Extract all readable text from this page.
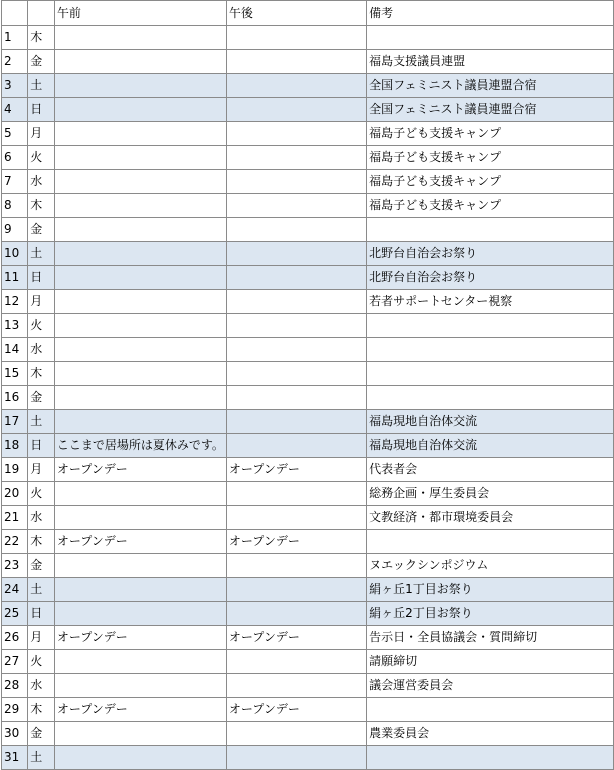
		午前	午後	備考
1	木			
2	金			福島支援議員連盟
3	土			全国フェミニスト議員連盟合宿
4	日			全国フェミニスト議員連盟合宿
5	月			福島子ども支援キャンプ
6	火			福島子ども支援キャンプ
7	水			福島子ども支援キャンプ
8	木			福島子ども支援キャンプ
9	金			
10	土			北野台自治会お祭り
11	日			北野台自治会お祭り
12	月			若者サポートセンター視察
13	火			
14	水			
15	木			
16	金			
17	土			福島現地自治体交流
18	日	ここまで居場所は夏休みです。		福島現地自治体交流
19	月	オープンデー	オープンデー	代表者会
20	火			総務企画・厚生委員会
21	水			文教経済・都市環境委員会
22	木	オープンデー	オープンデー	
23	金			ヌエックシンポジウム
24	土			絹ヶ丘1丁目お祭り
25	日			絹ヶ丘2丁目お祭り
26	月	オープンデー	オープンデー	告示日・全員協議会・質問締切
27	火			請願締切
28	水			議会運営委員会
29	木	オープンデー	オープンデー	
30	金			農業委員会
31	土			
